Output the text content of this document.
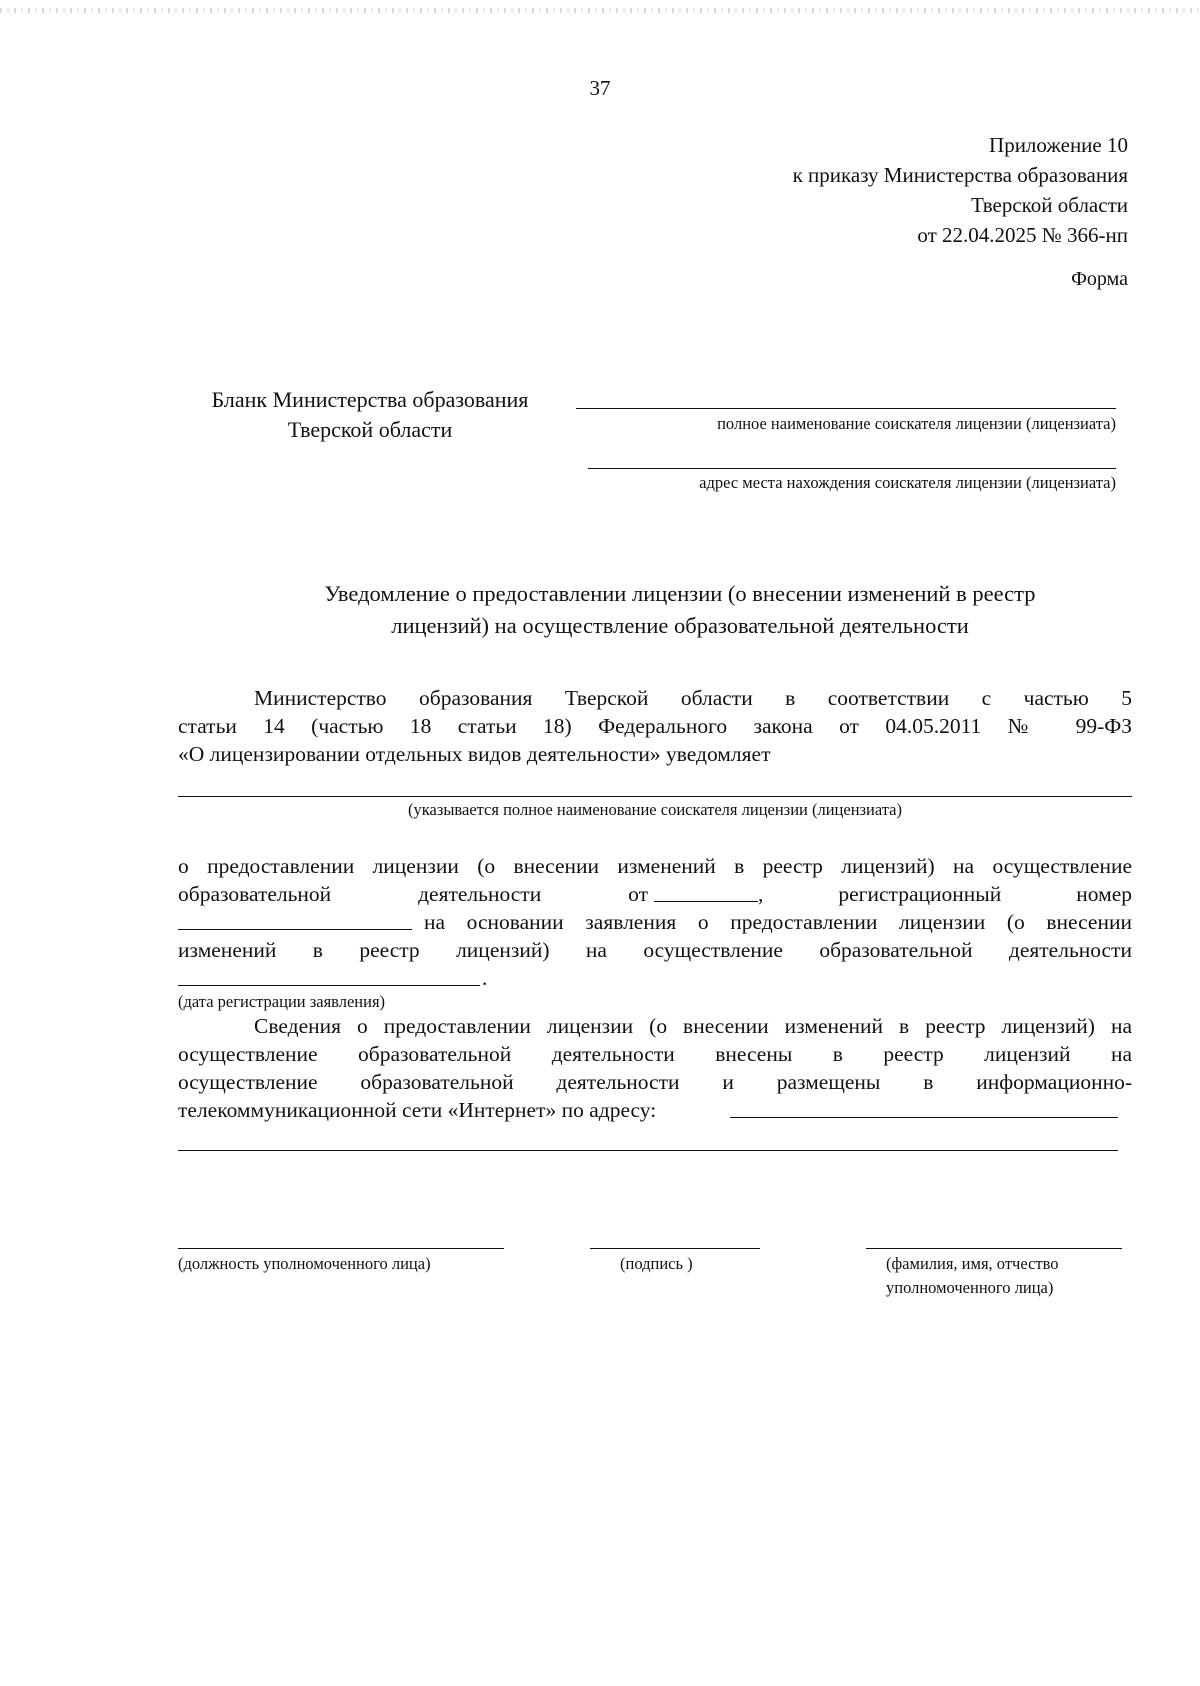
37
Приложение 10
к приказу Министерства образования
Тверской области
от 22.04.2025 № 366-нп
Форма
Бланк Министерства образования
Тверской области	полное наименование соискателя лицензии (лицензиата)
адрес места нахождения соискателя лицензии (лицензиата)
Уведомление о предоставлении лицензии (о внесении изменений в реестр
лицензий) на осуществление образовательной деятельности
Министерство образования Тверской области в соответствии с частью 5
статьи 14 (частью 18 статьи 18) Федерального закона от 04.05.2011 № 99-ФЗ
«О лицензировании отдельных видов деятельности» уведомляет
(указывается полное наименование соискателя лицензии (лицензиата)
о предоставлении лицензии (о внесении изменений в реестр лицензий) на осуществление
образовательной деятельности от	, регистрационный номер
на основании заявления о предоставлении лицензии (о внесении
изменений в реестр лицензий) на осуществление образовательной деятельности
.
(дата регистрации заявления)
Сведения о предоставлении лицензии (о внесении изменений в реестр лицензий) на
осуществление образовательной деятельности внесены в реестр лицензий на
осуществление образовательной деятельности и размещены в информационно-
телекоммуникационной сети «Интернет» по адресу:
(должность уполномоченного лица)	(подпись )	(фамилия, имя, отчество
уполномоченного лица)
